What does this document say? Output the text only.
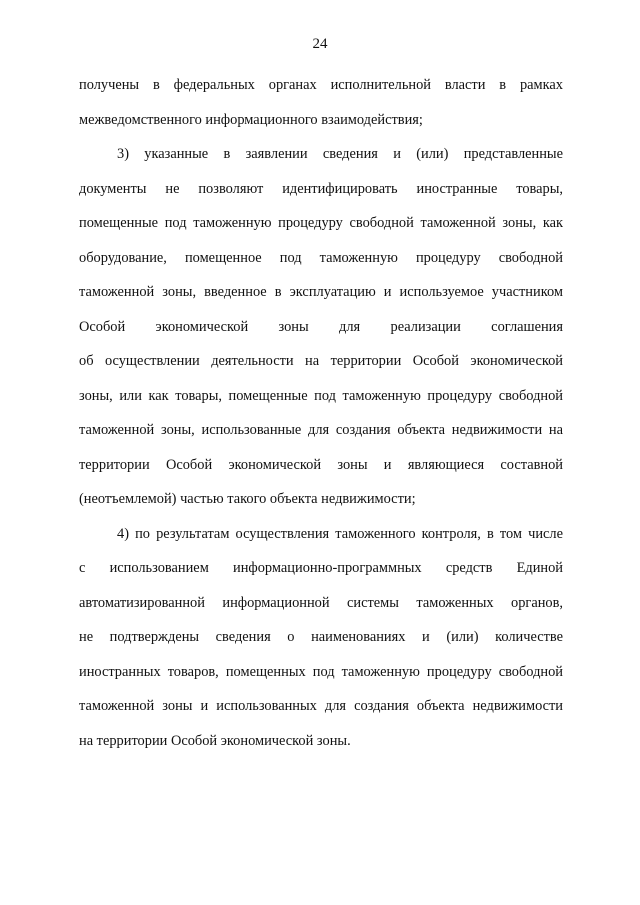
24
получены в федеральных органах исполнительной власти в рамках
межведомственного информационного взаимодействия;
3) указанные в заявлении сведения и (или) представленные
документы не позволяют идентифицировать иностранные товары,
помещенные под таможенную процедуру свободной таможенной зоны, как
оборудование, помещенное под таможенную процедуру свободной
таможенной зоны, введенное в эксплуатацию и используемое участником
Особой экономической зоны для реализации соглашения
об осуществлении деятельности на территории Особой экономической
зоны, или как товары, помещенные под таможенную процедуру свободной
таможенной зоны, использованные для создания объекта недвижимости на
территории Особой экономической зоны и являющиеся составной
(неотъемлемой) частью такого объекта недвижимости;
4) по результатам осуществления таможенного контроля, в том числе
с использованием информационно-программных средств Единой
автоматизированной информационной системы таможенных органов,
не подтверждены сведения о наименованиях и (или) количестве
иностранных товаров, помещенных под таможенную процедуру свободной
таможенной зоны и использованных для создания объекта недвижимости
на территории Особой экономической зоны.
